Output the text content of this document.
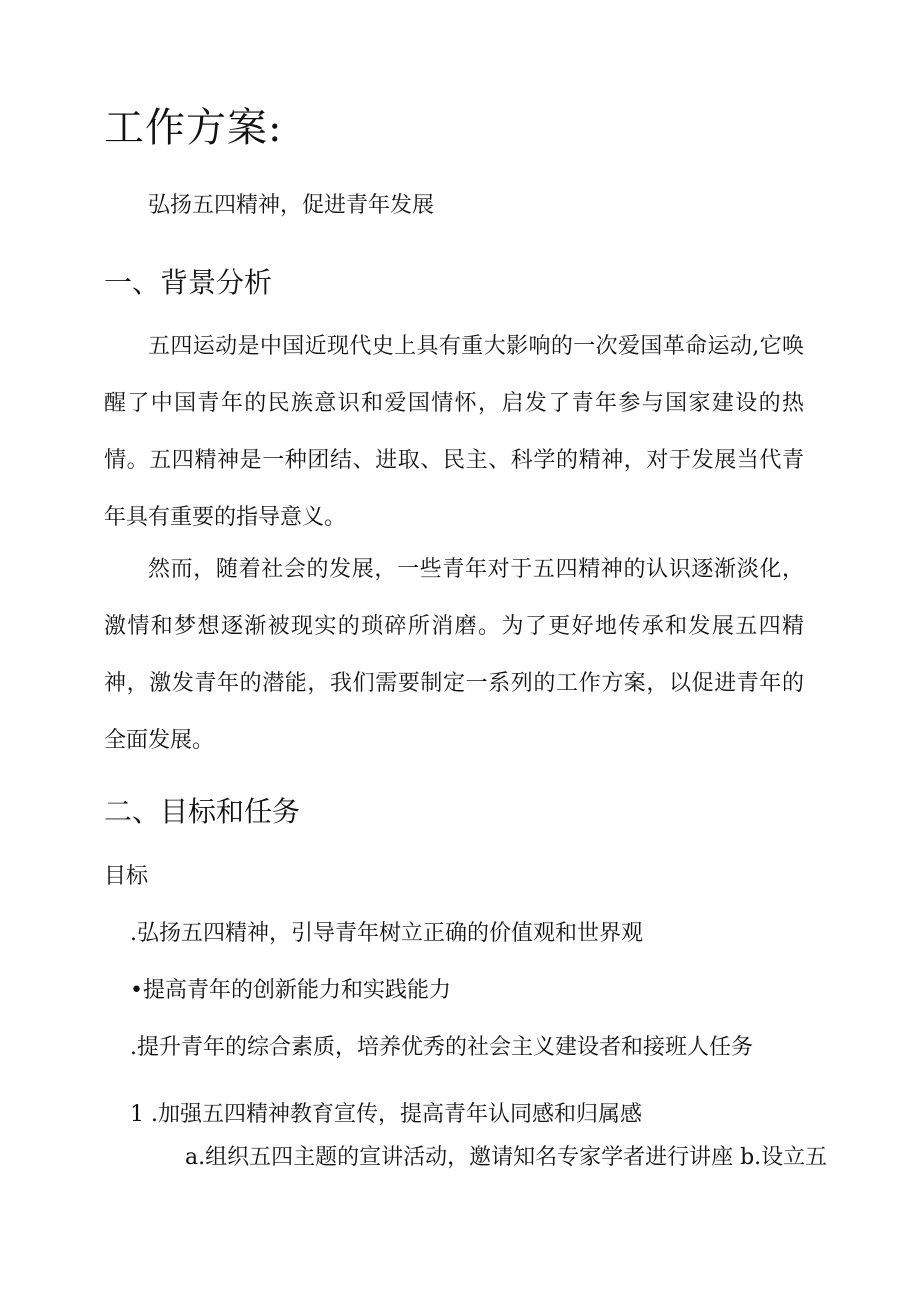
工作方案:
弘扬五四精神，促进青年发展
一、背景分析

五四运动是中国近现代史上具有重大影响的一次爱国革命运动,它唤醒了中国青年的民族意识和爱国情怀，启发了青年参与国家建设的热情。五四精神是一种团结、进取、民主、科学的精神，对于发展当代青年具有重要的指导意义。

然而，随着社会的发展，一些青年对于五四精神的认识逐渐淡化，激情和梦想逐渐被现实的琐碎所消磨。为了更好地传承和发展五四精神，激发青年的潜能，我们需要制定一系列的工作方案，以促进青年的全面发展。

二、目标和任务
目标
.弘扬五四精神，引导青年树立正确的价值观和世界观
•提高青年的创新能力和实践能力
.提升青年的综合素质，培养优秀的社会主义建设者和接班人任务
1 .加强五四精神教育宣传，提高青年认同感和归属感
a.组织五四主题的宣讲活动，邀请知名专家学者进行讲座 b.设立五
